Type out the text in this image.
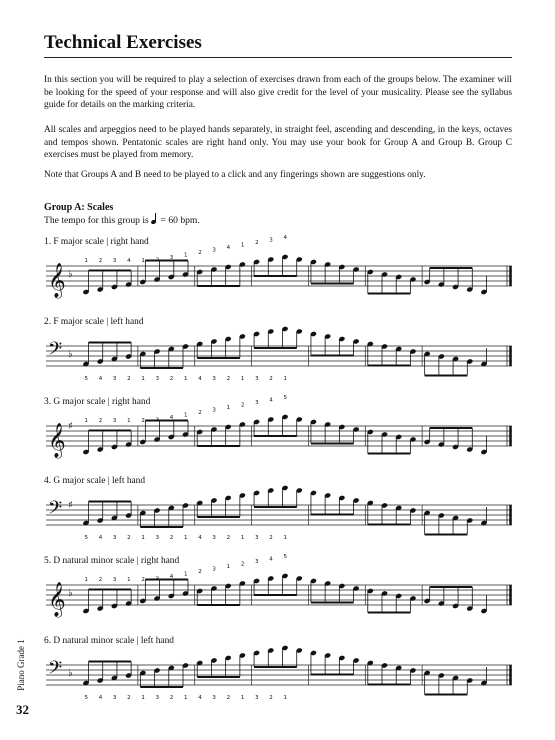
Technical Exercises
In this section you will be required to play a selection of exercises drawn from each of the groups below. The examiner will be looking for the speed of your response and will also give credit for the level of your musicality. Please see the syllabus guide for details on the marking criteria.
All scales and arpeggios need to be played hands separately, in straight feel, ascending and descending, in the keys, octaves and tempos shown. Pentatonic scales are right hand only. You may use your book for Group A and Group B. Group C exercises must be played from memory.
Note that Groups A and B need to be played to a click and any fingerings shown are suggestions only.
Group A: Scales
The tempo for this group is = 60 bpm.
1. F major scale | right hand
𝄞 ♭
1 2 3 4 1 2 3 1 2 3 4 1 2 3 4
2. F major scale | left hand
𝄢 ♭
5 4 3 2 1 3 2 1 4 3 2 1 3 2 1
3. G major scale | right hand
𝄞 ♯ 1 2 3 1 2 3 4 1 2 3 1 2 3 4 5
4. G major scale | left hand
𝄢 ♯
5 4 3 2 1 3 2 1 4 3 2 1 3 2 1
5. D natural minor scale | right hand
𝄞 ♭
1 2 3 1 2 3 4 1 2 3 1 2 3 4 5
6. D natural minor scale | left hand
𝄢 ♭
5 4 3 2 1 3 2 1 4 3 2 1 3 2 1
Piano Grade 1
32
